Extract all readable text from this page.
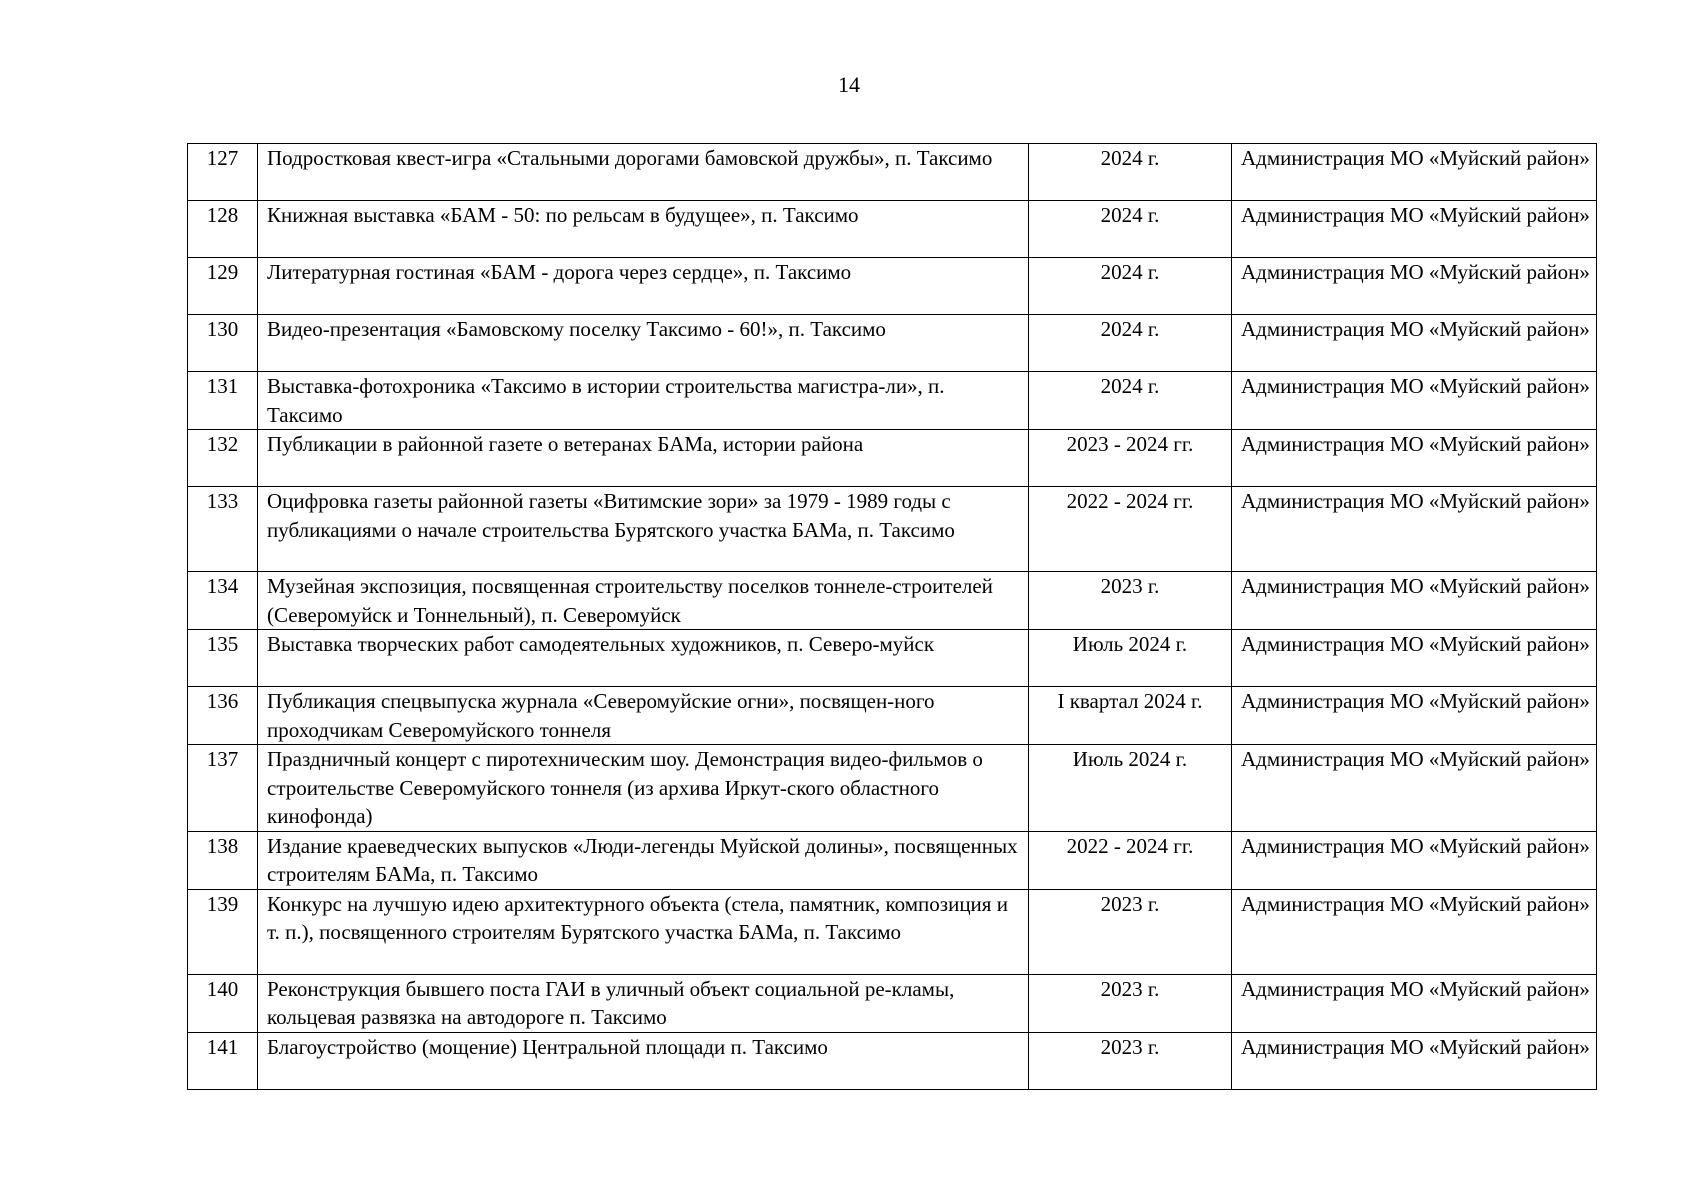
14
127	Подростковая квест-игра «Стальными дорогами бамовской дружбы», п. Таксимо	2024 г.	Администрация МО «Муйский район»
128	Книжная выставка «БАМ - 50: по рельсам в будущее», п. Таксимо	2024 г.	Администрация МО «Муйский район»
129	Литературная гостиная «БАМ - дорога через сердце», п. Таксимо	2024 г.	Администрация МО «Муйский район»
130	Видео-презентация «Бамовскому поселку Таксимо - 60!», п. Таксимо	2024 г.	Администрация МО «Муйский район»
131	Выставка-фотохроника «Таксимо в истории строительства магистра-ли», п. Таксимо	2024 г.	Администрация МО «Муйский район»
132	Публикации в районной газете о ветеранах БАМа, истории района	2023 - 2024 гг.	Администрация МО «Муйский район»
133	Оцифровка газеты районной газеты «Витимские зори» за 1979 - 1989 годы с публикациями о начале строительства Бурятского участка БАМа, п. Таксимо	2022 - 2024 гг.	Администрация МО «Муйский район»
134	Музейная экспозиция, посвященная строительству поселков тоннеле-строителей (Северомуйск и Тоннельный), п. Северомуйск	2023 г.	Администрация МО «Муйский район»
135	Выставка творческих работ самодеятельных художников, п. Северо-муйск	Июль 2024 г.	Администрация МО «Муйский район»
136	Публикация спецвыпуска журнала «Северомуйские огни», посвящен-ного проходчикам Северомуйского тоннеля	I квартал 2024 г.	Администрация МО «Муйский район»
137	Праздничный концерт с пиротехническим шоу. Демонстрация видео-фильмов о строительстве Северомуйского тоннеля (из архива Иркут-ского областного кинофонда)	Июль 2024 г.	Администрация МО «Муйский район»
138	Издание краеведческих выпусков «Люди-легенды Муйской долины», посвященных строителям БАМа, п. Таксимо	2022 - 2024 гг.	Администрация МО «Муйский район»
139	Конкурс на лучшую идею архитектурного объекта (стела, памятник, композиция и т. п.), посвященного строителям Бурятского участка БАМа, п. Таксимо	2023 г.	Администрация МО «Муйский район»
140	Реконструкция бывшего поста ГАИ в уличный объект социальной ре-кламы, кольцевая развязка на автодороге п. Таксимо	2023 г.	Администрация МО «Муйский район»
141	Благоустройство (мощение) Центральной площади п. Таксимо	2023 г.	Администрация МО «Муйский район»
